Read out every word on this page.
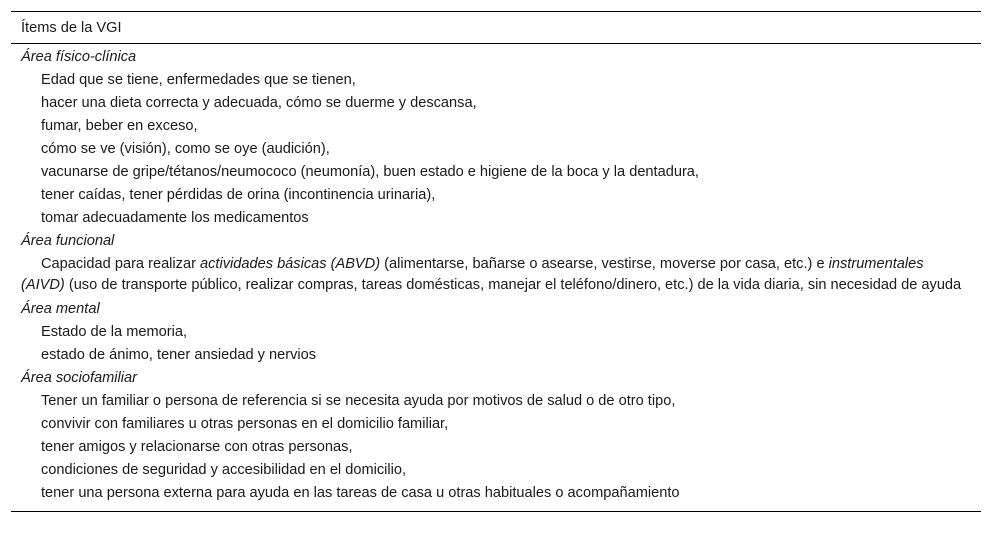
Ítems de la VGI
Área físico-clínica
Edad que se tiene, enfermedades que se tienen,
hacer una dieta correcta y adecuada, cómo se duerme y descansa,
fumar, beber en exceso,
cómo se ve (visión), como se oye (audición),
vacunarse de gripe/tétanos/neumococo (neumonía), buen estado e higiene de la boca y la dentadura,
tener caídas, tener pérdidas de orina (incontinencia urinaria),
tomar adecuadamente los medicamentos
Área funcional
Capacidad para realizar actividades básicas (ABVD) (alimentarse, bañarse o asearse, vestirse, moverse por casa, etc.) e instrumentales (AIVD) (uso de transporte público, realizar compras, tareas domésticas, manejar el teléfono/dinero, etc.) de la vida diaria, sin necesidad de ayuda
Área mental
Estado de la memoria,
estado de ánimo, tener ansiedad y nervios
Área sociofamiliar
Tener un familiar o persona de referencia si se necesita ayuda por motivos de salud o de otro tipo,
convivir con familiares u otras personas en el domicilio familiar,
tener amigos y relacionarse con otras personas,
condiciones de seguridad y accesibilidad en el domicilio,
tener una persona externa para ayuda en las tareas de casa u otras habituales o acompañamiento
